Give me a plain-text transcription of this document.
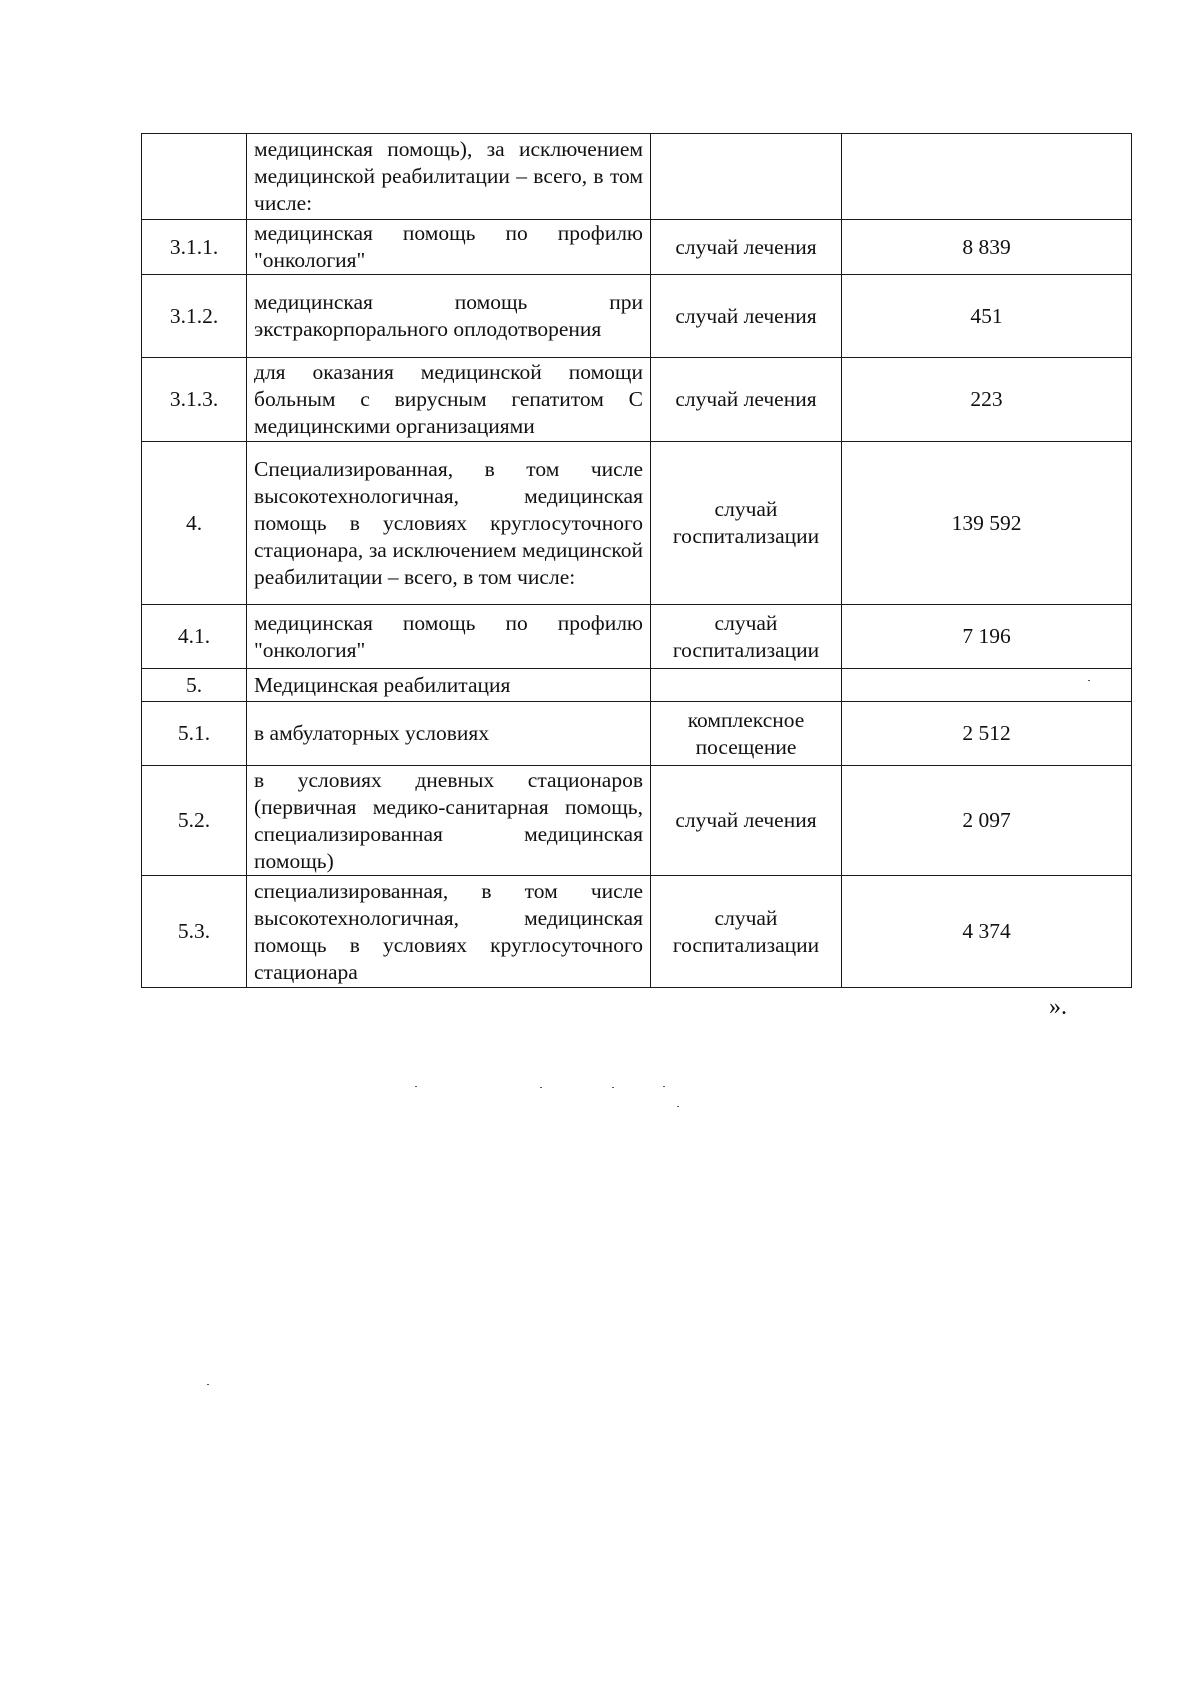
	медицинская помощь), за исключением медицинской реабилитации – всего, в том числе:		
3.1.1.	медицинская помощь по профилю "онкология"	случай лечения	8 839
3.1.2.	медицинская помощь при экстракорпорального оплодотворения	случай лечения	451
3.1.3.	для оказания медицинской помощи больным с вирусным гепатитом С медицинскими организациями	случай лечения	223
4.	Специализированная, в том числе высокотехнологичная, медицинская помощь в условиях круглосуточного стационара, за исключением медицинской реабилитации – всего, в том числе:	случай госпитализации	139 592
4.1.	медицинская помощь по профилю "онкология"	случай госпитализации	7 196
5.	Медицинская реабилитация		
5.1.	в амбулаторных условиях	комплексное посещение	2 512
5.2.	в условиях дневных стационаров (первичная медико-санитарная помощь, специализированная медицинская помощь)	случай лечения	2 097
5.3.	специализированная, в том числе высокотехнологичная, медицинская помощь в условиях круглосуточного стационара	случай госпитализации	4 374
».
